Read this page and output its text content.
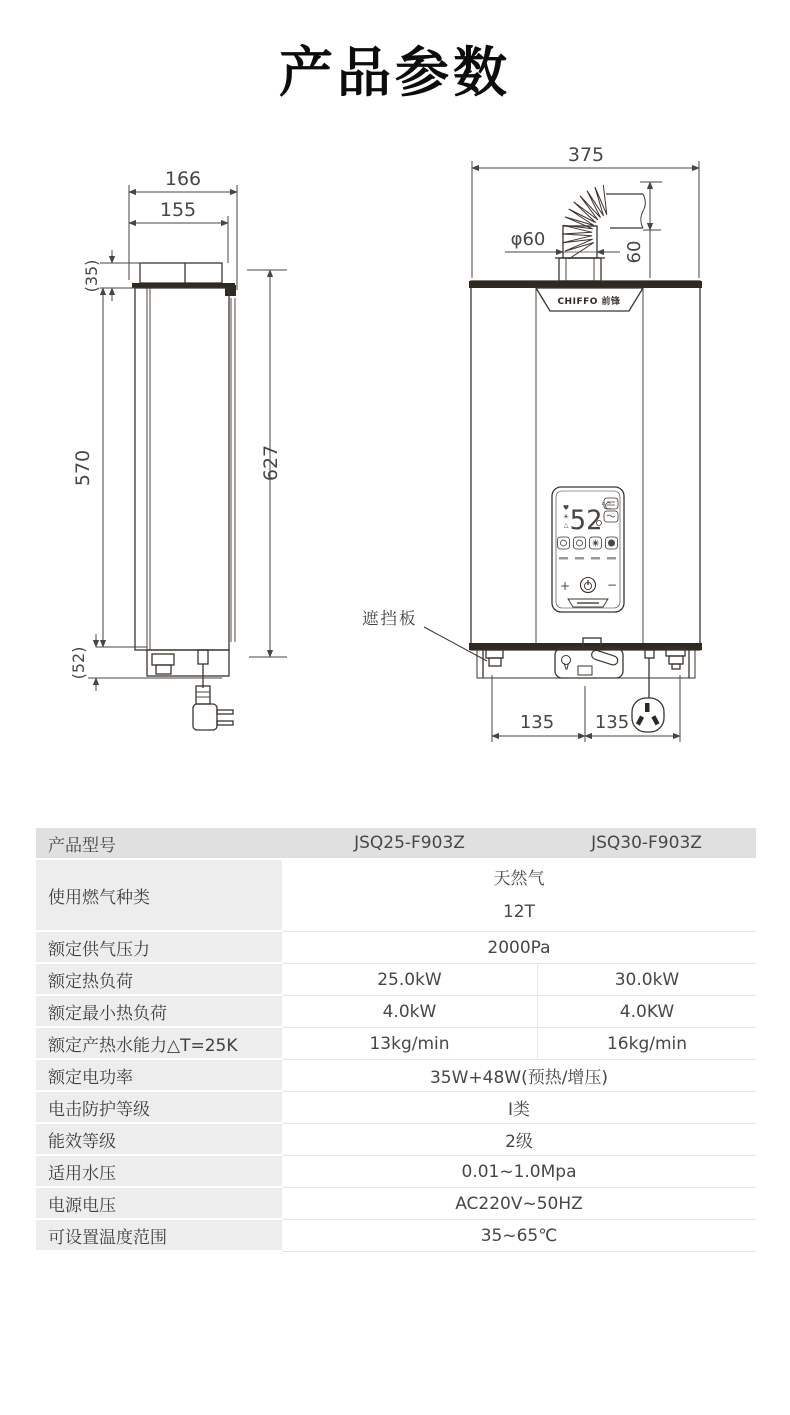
产品参数
166
155
(35)
570	627
(52)
CHIFFO 前锋
52
℃
♥
☀
△
+	−
375
φ60
60
135 135
遮挡板
产品型号	JSQ25-F903Z	JSQ30-F903Z
使用燃气种类
天然气
12T
额定供气压力	2000Pa
额定热负荷	25.0kW	30.0kW
额定最小热负荷	4.0kW	4.0KW
额定产热水能力△T=25K	13kg/min	16kg/min
额定电功率	35W+48W(预热/增压)
电击防护等级	Ⅰ类
能效等级	2级
适用水压	0.01~1.0Mpa
电源电压	AC220V~50HZ
可设置温度范围	35~65℃
